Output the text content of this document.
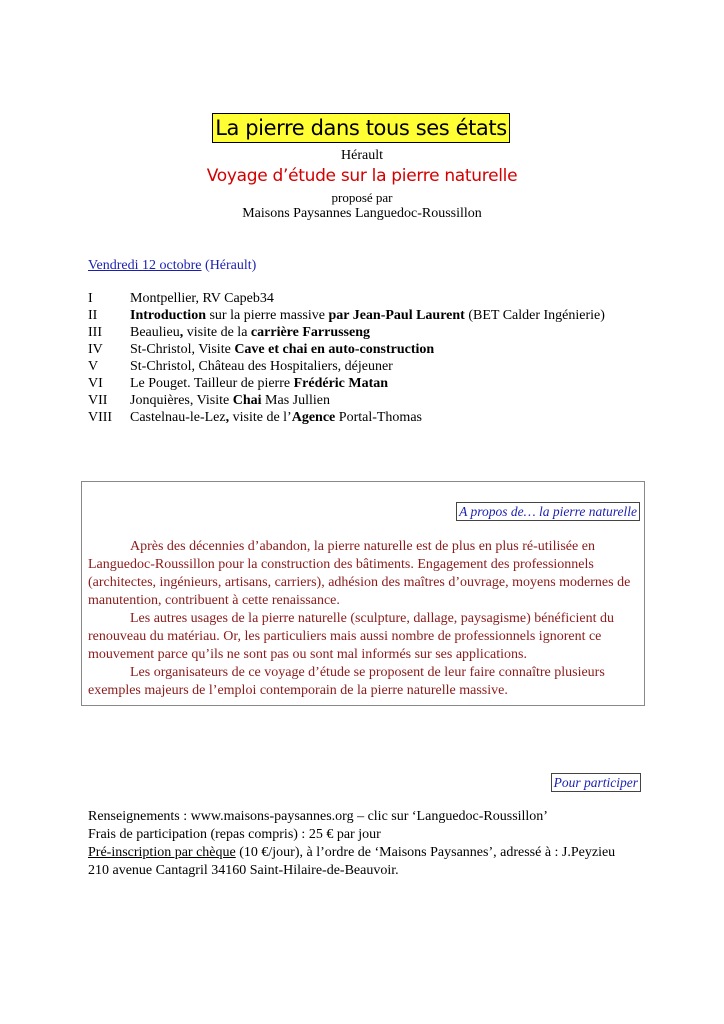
La pierre dans tous ses états
Hérault
Voyage d’étude sur la pierre naturelle
proposé par
Maisons Paysannes Languedoc-Roussillon
Vendredi 12 octobre (Hérault)
I	Montpellier, RV Capeb34
II	Introduction sur la pierre massive par Jean-Paul Laurent (BET Calder Ingénierie)
III	Beaulieu, visite de la carrière Farrusseng
IV	St-Christol, Visite Cave et chai en auto-construction
V	St-Christol, Château des Hospitaliers, déjeuner
VI	Le Pouget. Tailleur de pierre Frédéric Matan
VII	Jonquières, Visite Chai Mas Jullien
VIII	Castelnau-le-Lez, visite de l’Agence Portal-Thomas
A propos de… la pierre naturelle

Après des décennies d’abandon, la pierre naturelle est de plus en plus ré-utilisée en Languedoc-Roussillon pour la construction des bâtiments. Engagement des professionnels (architectes, ingénieurs, artisans, carriers), adhésion des maîtres d’ouvrage, moyens modernes de manutention, contribuent à cette renaissance.

Les autres usages de la pierre naturelle (sculpture, dallage, paysagisme) bénéficient du renouveau du matériau. Or, les particuliers mais aussi nombre de professionnels ignorent ce mouvement parce qu’ils ne sont pas ou sont mal informés sur ses applications.

Les organisateurs de ce voyage d’étude se proposent de leur faire connaître plusieurs exemples majeurs de l’emploi contemporain de la pierre naturelle massive.

Pour participer
Renseignements : www.maisons-paysannes.org – clic sur ‘Languedoc-Roussillon’
Frais de participation (repas compris) : 25 € par jour
Pré-inscription par chèque (10 €/jour), à l’ordre de ‘Maisons Paysannes’, adressé à : J.Peyzieu
210 avenue Cantagril 34160 Saint-Hilaire-de-Beauvoir.
